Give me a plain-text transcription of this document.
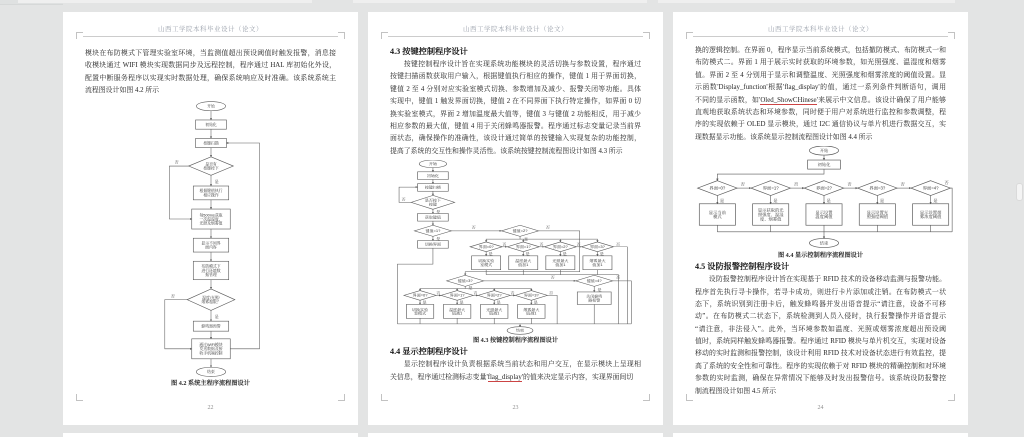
山西工学院本科毕业设计（论文）
模块在布防模式下管理实验室环境，当监测值超出预设阈值时触发报警，消息接
收模块通过 WIFI 模块实现数据同步及远程控制，程序通过 HAL 库初始化外设，
配置中断服务程序以实现实时数据处理，确保系统响应及时准确。该系统系统主
流程图设计如图 4.2 所示
是
是
否
否
开始
初始化
按键扫描
是否有按键按下
根据键值执行相应操作
每500ms获取一次温湿度、光照及烟雾值
显示不同界面内容
布防模式下进行环境数据管理
温度/光照/烟雾超限？
蜂鸣器预警
通过WIFI模块发送数据及接收手机端控制
结束
图 4.2 系统主程序流程图设计
22
山西工学院本科毕业设计（论文）
4.3 按键控制程序设计
按键控制程序设计旨在实现系统功能模块的灵活切换与参数设置，程序通过
按键扫描函数获取用户输入，根据键值执行相应的操作，键值 1 用于界面切换，
键值 2 至 4 分别对应实验室模式切换、参数增加及减少、报警关闭等功能。具体
实现中，键值 1 触发界面切换，键值 2 在不同界面下执行特定操作，如界面 0 切
换实验室模式，界面 2 增加温度最大值等，键值 3 与键值 2 功能相反，用于减少
相应参数的最大值，键值 4 用于关闭蜂鸣器报警。程序通过标志变量记录当前界
面状态，确保操作的准确性，该设计通过简单的按键输入实现复杂的功能控制，
提高了系统的交互性和操作灵活性。该系统按键控制流程图设计如图 4.3 所示
是
否
是
否	否
是
否	否	否	否
是	是	是	是
是
否	否	否	否
是	是	是	是
否
是
否
开始
初始化
按键扫描
是否按下按键
获取键值
键值=1?
切换界面
键值=2?
界面=0?	界面=1?	界面=2?	界面=3?
切换实验室模式
温度最大值加1
光照最大值加1
烟雾最大值加1
键值=3?
界面=0?	界面=1?	界面=2?	界面=3?
切换实验室模式
温度最大值减1
光照最大值减1
烟雾最大值减1
键值=4?
关闭蜂鸣器报警
结束
图 4.3 按键控制程序流程图设计
4.4 显示控制程序设计
显示控制程序设计负责根据系统当前状态和用户交互，在显示模块上呈现相
关信息，程序通过检测标志变量'flag_display'的值来决定显示内容，实现界面间切
23
山西工学院本科毕业设计（论文）
换的逻辑控制。在界面 0，程序显示当前系统模式，包括撤防模式、布防模式一和
布防模式二。界面 1 用于展示实时获取的环境参数，如光照强度、温湿度和烟雾
值。界面 2 至 4 分别用于显示和调整温度、光照强度和烟雾浓度的阈值设置。显
示函数'Display_function'根据'flag_display'的值，通过一系列条件判断语句，调用
不同的显示函数，如'Oled_ShowCHinese'来展示中文信息。该设计确保了用户能够
直观地获取系统状态和环境参数，同时便于用户对系统进行监控和参数调整，程
序的实现依赖于 OLED 显示模块，通过 I2C 通信协议与单片机进行数据交互，实
现数据显示功能。该系统显示控制流程图设计如图 4.4 所示
否	否	否	否	否
是	是	是	是	是
开始
初始化
界面=0?	界面=1?	界面=2?	界面=3?	界面=4?
显示当前模式
显示获取的光照强度、温湿度、烟雾值
显示设置温度阈值
显示设置光照强度阈值
显示设置烟雾浓度阈值
结束
图 4.4 显示控制程序流程图设计
4.5 设防报警控制程序设计
设防报警控制程序设计旨在实现基于 RFID 技术的设备移动监测与报警功能。
程序首先执行寻卡操作，若寻卡成功，则进行卡片添加或注销。在布防模式一状
态下，系统识别到注册卡后，触发蜂鸣器并发出语音提示“请注意，设备不可移
动”。在布防模式二状态下，系统检测到人员入侵时，执行报警操作并语音提示
“请注意，非法侵入”。此外，当环境参数如温度、光照或烟雾浓度超出预设阈
值时，系统同样触发蜂鸣器报警。程序通过 RFID 模块与单片机交互，实现对设备
移动的实时监测和报警控制，该设计利用 RFID 技术对设备状态进行有效监控，提
高了系统的安全性和可靠性。程序的实现依赖于对 RFID 模块的精确控制和对环境
参数的实时监测，确保在异常情况下能够及时发出报警信号。该系统设防报警控
制流程图设计如图 4.5 所示
24
